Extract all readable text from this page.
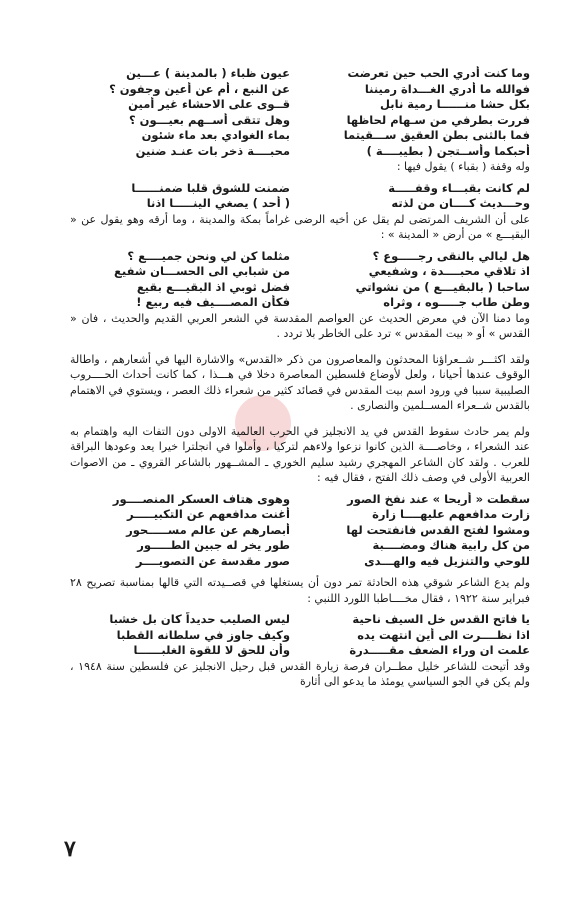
وما كنت أدري الحب حين تعرضت
عيون ظباء ( بالمدينة ) عـــين
فوالله ما أدري الغـــداة رميننا
عن النبع ، أم عن أعين وجفون ؟
بكل حشا منــــــا رمية نابل
قــوى على الاحشاء غير أمين
فررت بطرفي من سـهام لحاظها
وهل تتقى أســهم بعيـــون ؟
فما بالثنى بطن العقيق ســـقيتما
بماء الغوادي بعد ماء شئون
أحبكما وأســتجن ( بطيبــــة )
محبــــة ذخر بات عنـد ضنين
وله وقفة ( بقباء ) يقول فيها :
لم كانت بقبـــاء وقفـــــة
ضمنت للشوق قلبا ضمنــــــا
وحـــديث كــــان من لذته
( أحد ) يصغي الينـــــا اذنا
على أن الشريف المرتضى لم يقل عن أخيه الرضى غراماً بمكة والمدينة ، وما أرقه وهو يقول عن « البقيـــع » من أرض « المدينة » :
هل ليالي بالنقى رجـــــوع ؟
مثلما كن لي ونحن جميــــع ؟
اذ تلاقي محبــــدة ، وشفيعي
من شبابي الى الحســـان شفيع
ساحبا ( بالبقيـــع ) من نشواتي
فضل ثوبي اذ البقيـــع بقيع
وطن طاب جـــــوه ، وثراه
فكأن المصــــيف فيه ربيع !
وما دمنا الآن في معرض الحديث عن العواصم المقدسة في الشعر العربي القديم والحديث ، فان « القدس » أو « بيت المقدس » ترد على الخاطر بلا تردد .
ولقد اكثـــر شــعراؤنا المحدثون والمعاصرون من ذكر «القدس» والاشارة اليها في أشعارهم ، واطالة الوقوف عندها أحيانا ، ولعل لأوضاع فلسطين المعاصرة دخلا في هـــذا ، كما كانت أحداث الحــــروب الصليبية سببا في ورود اسم بيت المقدس في قصائد كثير من شعراء ذلك العصر ، ويستوي في الاهتمام بالقدس شــعراء المســلمين والنصارى .
ولم يمر حادث سقوط القدس في يد الانجليز في الحرب العالمية الاولى دون التفات اليه واهتمام به عند الشعراء ، وخاصــــة الذين كانوا نزعوا ولاءهم لتركيا ، وأملوا في انجلترا خيرا يعد وعودها البراقة للعرب . ولقد كان الشاعر المهجري رشيد سليم الخوري ـ المشــهور بالشاعر القروي ـ من الاصوات العربية الأولى في وصف ذلك الفتح ، فقال فيه :
سقطت « أريحا » عند نفخ الصور
وهوى هتاف العسكر المنصــــور
زارت مدافعهم عليهــــا زارة
أغنت مدافعهم عن التكبيـــــر
ومشوا لفتح القدس فانفتحت لها
أبصارهم عن عالم مســـــحور
من كل رابية هناك ومضــــبة
طور يخر له جبين الطـــــور
للوحي والتنزيل فيه والهـــدى
صور مقدسة عن التصويــــر
ولم يدع الشاعر شوقي هذه الحادثة تمر دون أن يستغلها في قصــيدته التي قالها بمناسبة تصريح ٢٨ فبراير سنة ١٩٢٢ ، فقال مخــــاطبا اللورد اللنبي :
يا فاتح القدس خل السيف ناحية
ليس الصليب حديداً كان بل خشبا
اذا نظــــرت الى أين انتهت يده
وكيف جاوز في سلطانه القطبا
علمت ان وراء الضعف مقـــــدرة
وأن للحق لا للقوة الغلبــــــا
وقد أتيحت للشاعر خليل مطــران فرصة زيارة القدس قبل رحيل الانجليز عن فلسطين سنة ١٩٤٨ ، ولم يكن في الجو السياسي يومئذ ما يدعو الى أثارة
٧
